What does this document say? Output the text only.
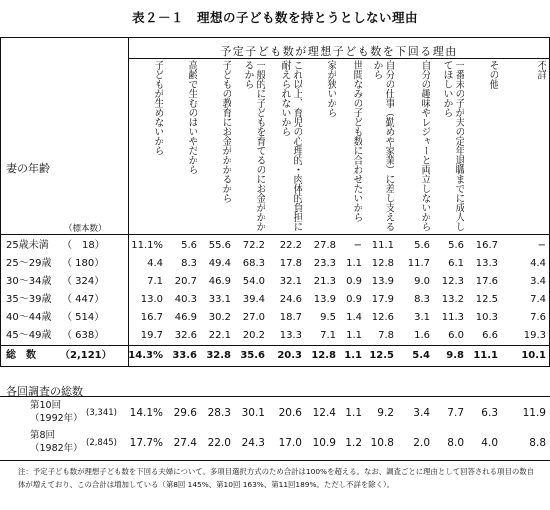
表２－１　理想の子ども数を持とうとしない理由
予定子ども数が理想子ども数を下回る理由
妻の年齢
（標本数）
子どもが生めないから	高齢で生むのはいやだから	子どもの教育にお金がかかるから	一般的に子どもを育てるのにお金がかかるから	これ以上、育児の心理的・肉体的負担に耐えられないから	家が狭いから	世間なみの子ども数に合わせたいから	自分の仕事（勤めや家業）に差し支えるから	自分の趣味やレジャーと両立しないから	一番末の子が夫の定年退職までに成人してほしいから	その他	不詳
25歳未満 （　18）	11.1% 5.6 55.6 72.2 22.2 27.8 − 11.1 5.6 5.6 16.7	−
25〜29歳 （ 180）	4.4 8.3 49.4 68.3 17.8 23.3 1.1 12.8 11.7 6.1 13.3	4.4
30〜34歳 （ 324）	7.1 20.7 46.9 54.0 32.1 21.3 0.9 13.9 9.0 12.3 17.6	3.4
35〜39歳 （ 447）	13.0 40.3 33.1 39.4 24.6 13.9 0.9 17.9 8.3 13.2 12.5	7.4
40〜44歳 （ 514）	16.7 46.9 30.2 27.0 18.7 9.5 1.4 12.6 3.1 11.3 10.3	7.6
45〜49歳 （ 638）	19.7 32.6 22.1 20.2 13.3 7.1 1.1 7.8 1.6 6.0 6.6	19.3
総　数 （2,121） 14.3% 33.6 32.8 35.6 20.3 12.8 1.1 12.5 5.4 9.8 11.1 10.1
各回調査の総数
第10回
（1992年） (3,341) 14.1% 29.6 28.3 30.1 20.6 12.4 1.1 9.2 3.4 7.7 6.3 11.9
第8回
（1982年） (2,845) 17.7% 27.4 22.0 24.3 17.0 10.9 1.2 10.8 2.0 8.0 4.0	8.8
注：予定子ども数が理想子ども数を下回る夫婦について。多項目選択方式のため合計は100%を超える。なお、調査ごとに理由として回答される項目の数自体が増えており、この合計は増加している（第8回 145%、第10回 163%、第11回189%。ただし不詳を除く）。
